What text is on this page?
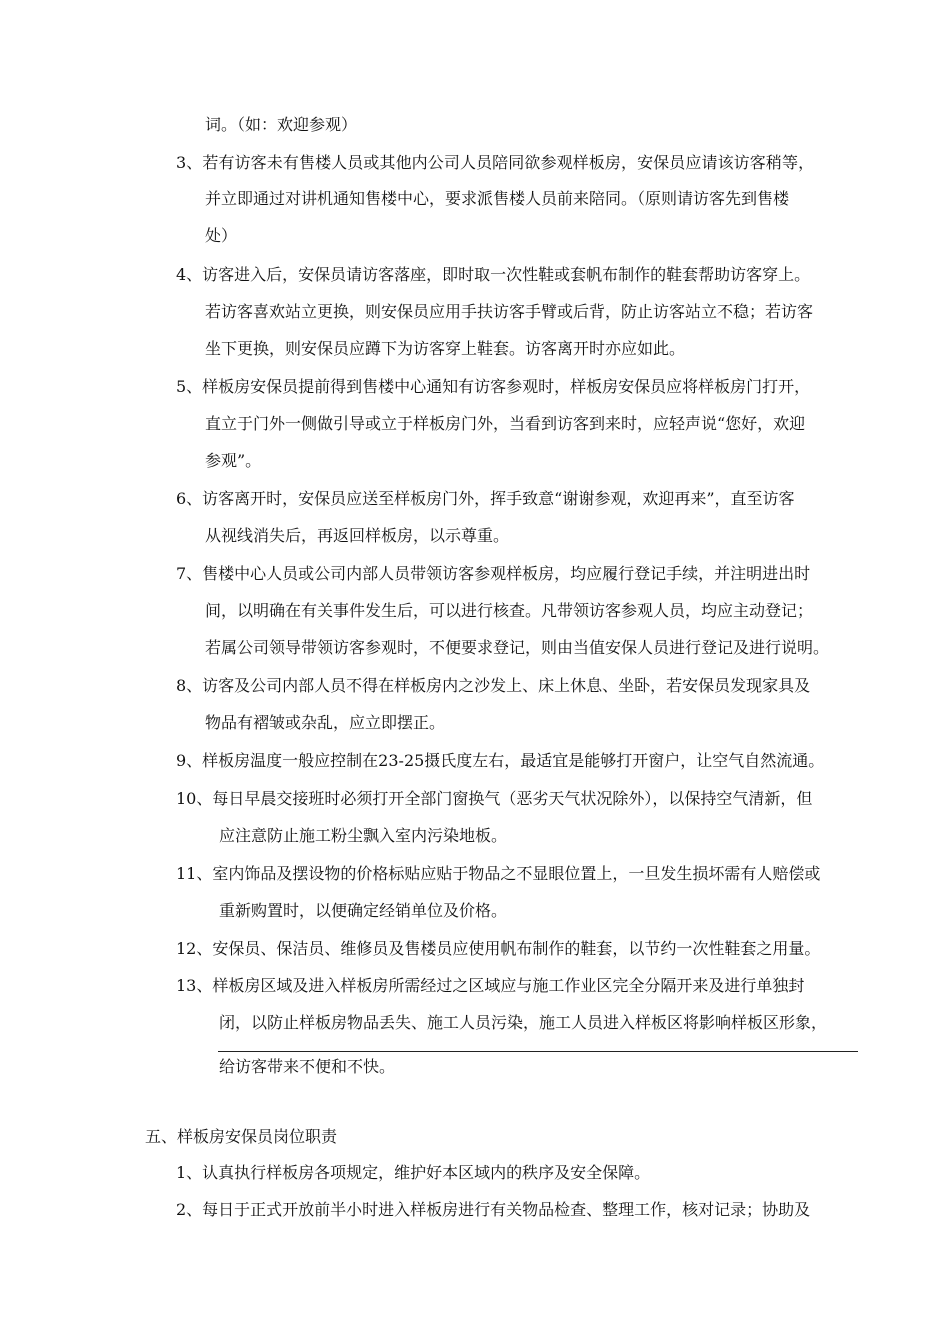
词。（如：欢迎参观）
3、若有访客未有售楼人员或其他内公司人员陪同欲参观样板房，安保员应请该访客稍等，
并立即通过对讲机通知售楼中心，要求派售楼人员前来陪同。（原则请访客先到售楼
处）
4、访客进入后，安保员请访客落座，即时取一次性鞋或套帆布制作的鞋套帮助访客穿上。
若访客喜欢站立更换，则安保员应用手扶访客手臂或后背，防止访客站立不稳；若访客
坐下更换，则安保员应蹲下为访客穿上鞋套。访客离开时亦应如此。
5、样板房安保员提前得到售楼中心通知有访客参观时，样板房安保员应将样板房门打开，
直立于门外一侧做引导或立于样板房门外，当看到访客到来时，应轻声说“您好，欢迎
参观”。
6、访客离开时，安保员应送至样板房门外，挥手致意“谢谢参观，欢迎再来”，直至访客
从视线消失后，再返回样板房，以示尊重。
7、售楼中心人员或公司内部人员带领访客参观样板房，均应履行登记手续，并注明进出时
间，以明确在有关事件发生后，可以进行核查。凡带领访客参观人员，均应主动登记；
若属公司领导带领访客参观时，不便要求登记，则由当值安保人员进行登记及进行说明。
8、访客及公司内部人员不得在样板房内之沙发上、床上休息、坐卧，若安保员发现家具及
物品有褶皱或杂乱，应立即摆正。
9、样板房温度一般应控制在23-25摄氏度左右，最适宜是能够打开窗户，让空气自然流通。
10、每日早晨交接班时必须打开全部门窗换气（恶劣天气状况除外），以保持空气清新，但
应注意防止施工粉尘飘入室内污染地板。
11、室内饰品及摆设物的价格标贴应贴于物品之不显眼位置上，一旦发生损坏需有人赔偿或
重新购置时，以便确定经销单位及价格。
12、安保员、保洁员、维修员及售楼员应使用帆布制作的鞋套，以节约一次性鞋套之用量。
13、样板房区域及进入样板房所需经过之区域应与施工作业区完全分隔开来及进行单独封
闭，以防止样板房物品丢失、施工人员污染，施工人员进入样板区将影响样板区形象，
给访客带来不便和不快。
五、样板房安保员岗位职责
1、认真执行样板房各项规定，维护好本区域内的秩序及安全保障。
2、每日于正式开放前半小时进入样板房进行有关物品检查、整理工作，核对记录；协助及
